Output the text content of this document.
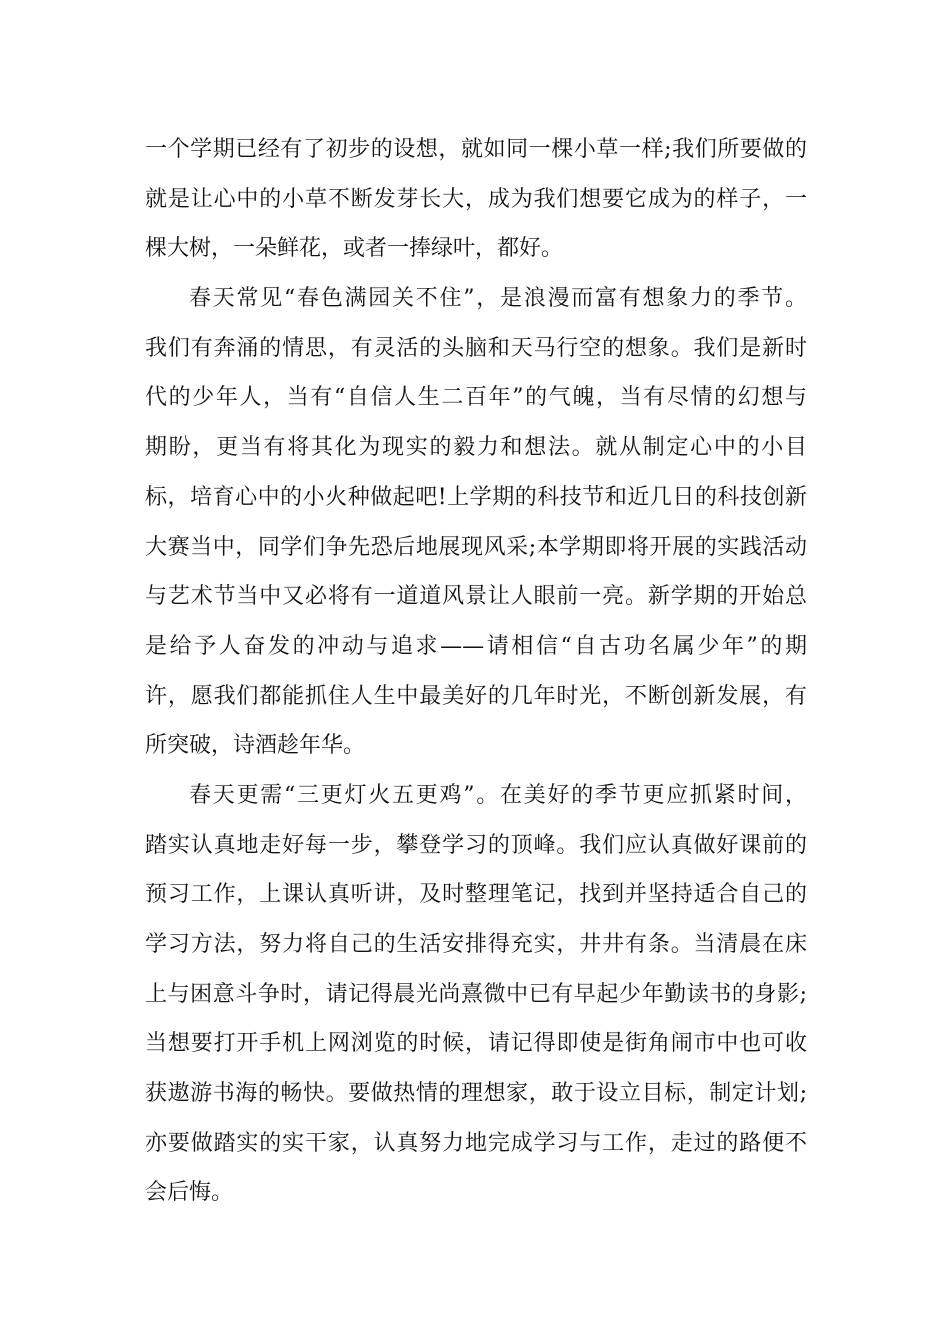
一个学期已经有了初步的设想，就如同一棵小草一样;我们所要做的
就是让心中的小草不断发芽长大，成为我们想要它成为的样子，一
棵大树，一朵鲜花，或者一捧绿叶，都好。
春天常见“春色满园关不住”，是浪漫而富有想象力的季节。
我们有奔涌的情思，有灵活的头脑和天马行空的想象。我们是新时
代的少年人，当有“自信人生二百年”的气魄，当有尽情的幻想与
期盼，更当有将其化为现实的毅力和想法。就从制定心中的小目
标，培育心中的小火种做起吧!上学期的科技节和近几日的科技创新
大赛当中，同学们争先恐后地展现风采;本学期即将开展的实践活动
与艺术节当中又必将有一道道风景让人眼前一亮。新学期的开始总
是给予人奋发的冲动与追求——请相信“自古功名属少年”的期
许，愿我们都能抓住人生中最美好的几年时光，不断创新发展，有
所突破，诗酒趁年华。
春天更需“三更灯火五更鸡”。在美好的季节更应抓紧时间，
踏实认真地走好每一步，攀登学习的顶峰。我们应认真做好课前的
预习工作，上课认真听讲，及时整理笔记，找到并坚持适合自己的
学习方法，努力将自己的生活安排得充实，井井有条。当清晨在床
上与困意斗争时，请记得晨光尚熹微中已有早起少年勤读书的身影;
当想要打开手机上网浏览的时候，请记得即使是街角闹市中也可收
获遨游书海的畅快。要做热情的理想家，敢于设立目标，制定计划;
亦要做踏实的实干家，认真努力地完成学习与工作，走过的路便不
会后悔。
